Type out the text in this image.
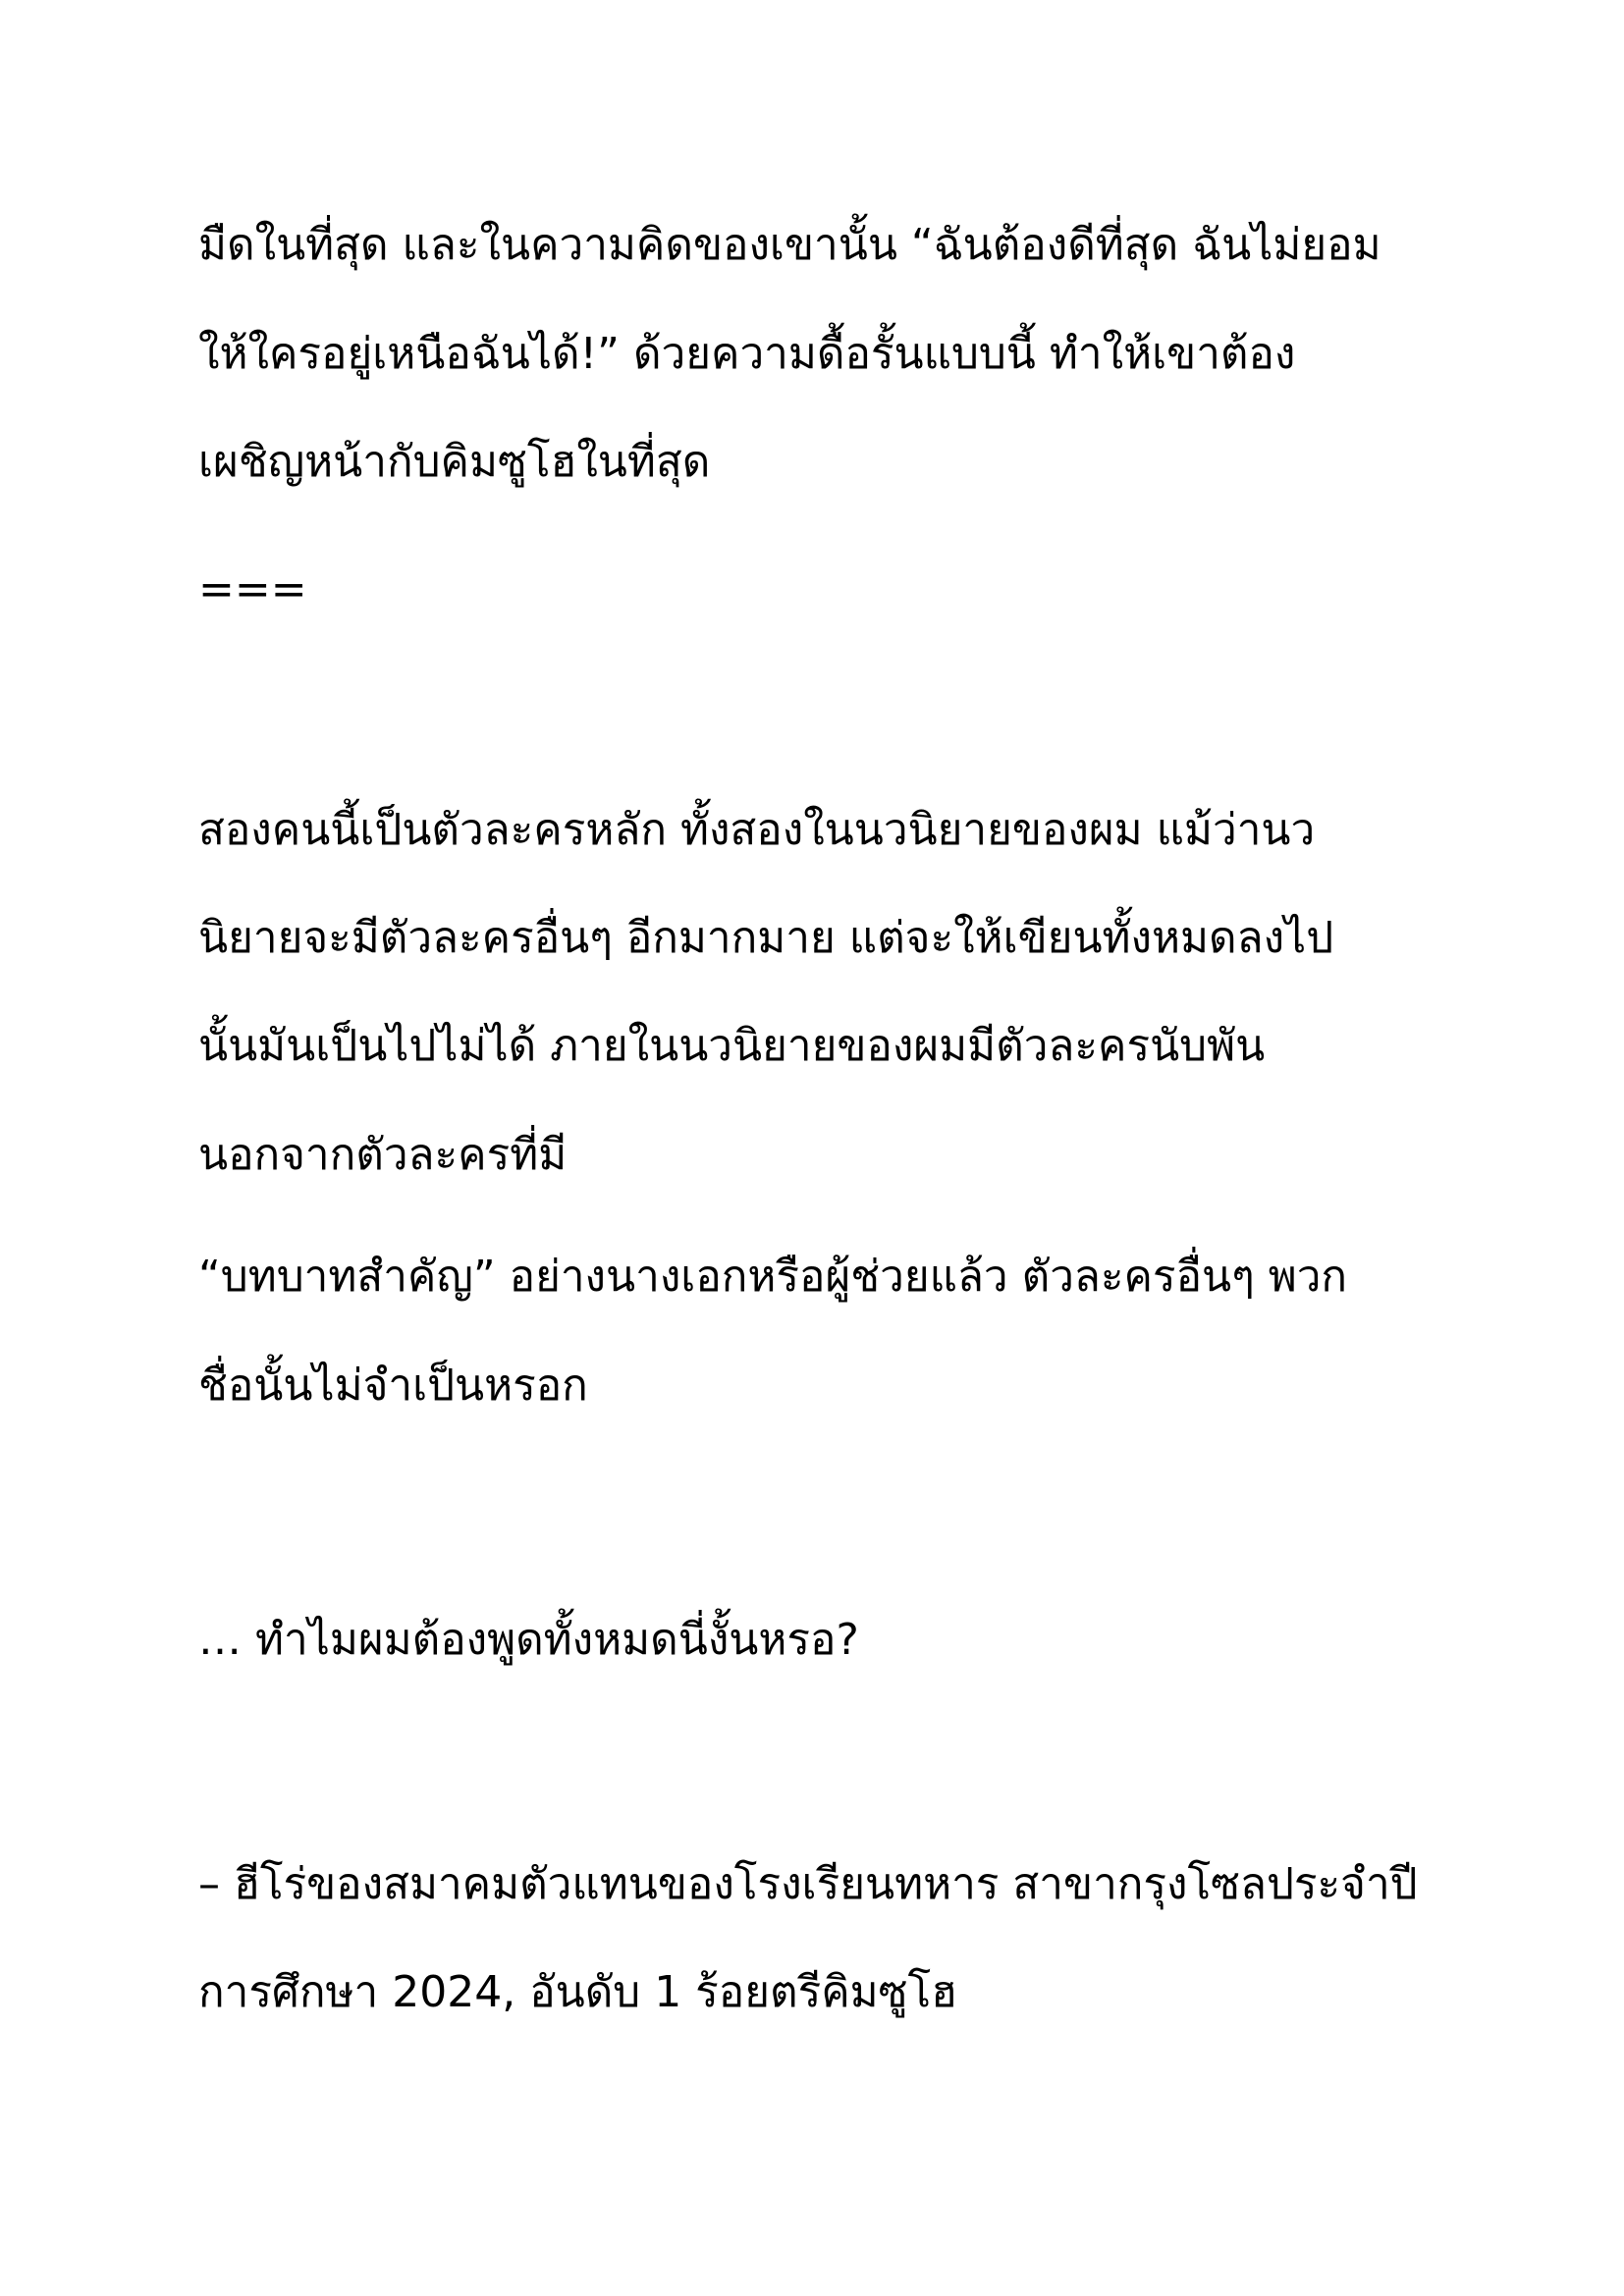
มืดในที่สุด และในความคิดของเขานั้น “ฉันต้องดีที่สุด ฉันไม่ยอม

ให้ใครอยู่เหนือฉันได้!” ด้วยความดื้อรั้นแบบนี้ ทำให้เขาต้อง

เผชิญหน้ากับคิมซูโฮในที่สุด

===

สองคนนี้เป็นตัวละครหลัก ทั้งสองในนวนิยายของผม แม้ว่านว

นิยายจะมีตัวละครอื่นๆ อีกมากมาย แต่จะให้เขียนทั้งหมดลงไป

นั้นมันเป็นไปไม่ได้ ภายในนวนิยายของผมมีตัวละครนับพัน

นอกจากตัวละครที่มี

“บทบาทสำคัญ” อย่างนางเอกหรือผู้ช่วยแล้ว ตัวละครอื่นๆ พวก

ชื่อนั้นไม่จำเป็นหรอก

… ทำไมผมต้องพูดทั้งหมดนี่งั้นหรอ?

– ฮีโร่ของสมาคมตัวแทนของโรงเรียนทหาร สาขากรุงโซลประจำปี

การศึกษา 2024, อันดับ 1 ร้อยตรีคิมซูโฮ
